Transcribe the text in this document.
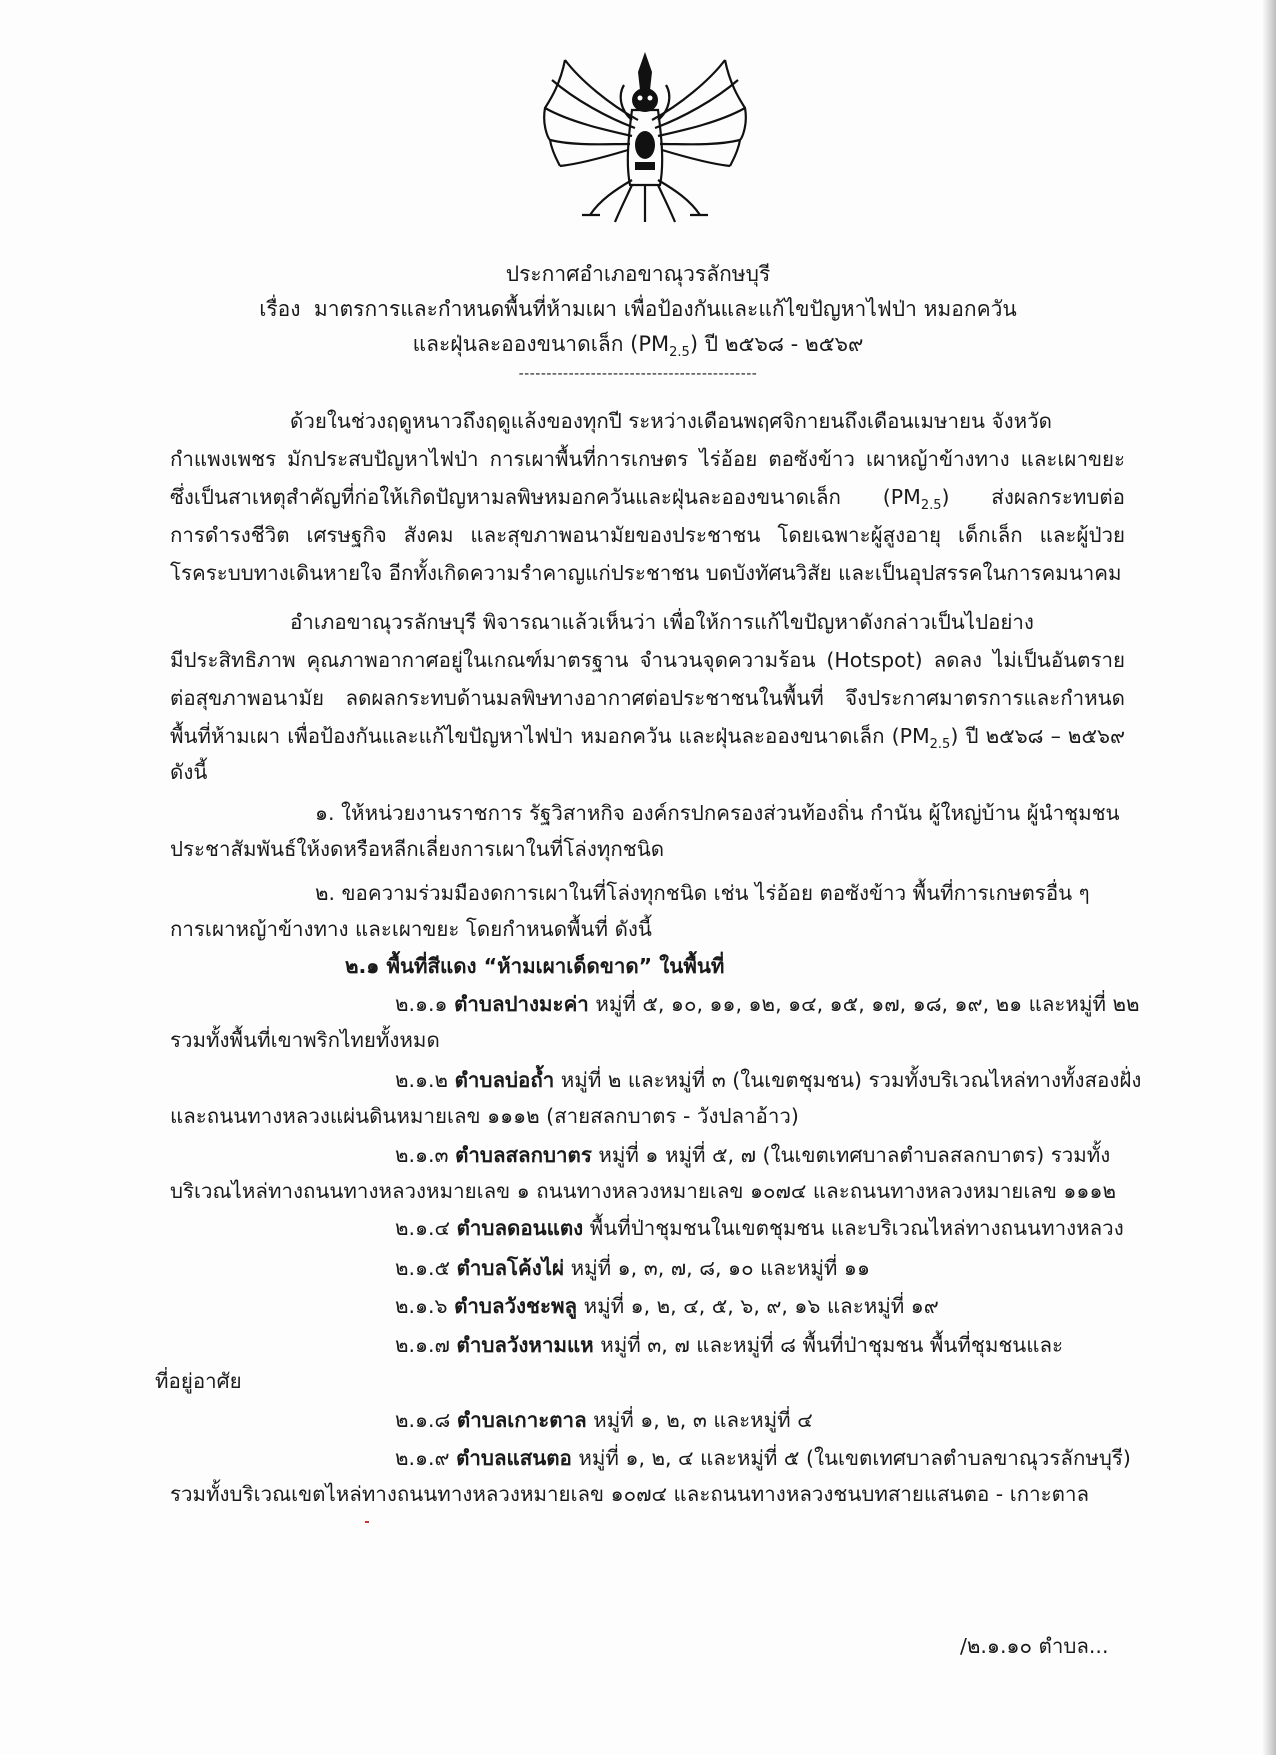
ประกาศอำเภอขาณุวรลักษบุรี
เรื่อง มาตรการและกำหนดพื้นที่ห้ามเผา เพื่อป้องกันและแก้ไขปัญหาไฟป่า หมอกควัน
และฝุ่นละอองขนาดเล็ก $(PM_{2.5})$ ปี ๒๕๖๘ - ๒๕๖๙
-------------------------------------------
ด้วยในช่วงฤดูหนาวถึงฤดูแล้งของทุกปี ระหว่างเดือนพฤศจิกายนถึงเดือนเมษายน จังหวัด
กำแพงเพชร มักประสบปัญหาไฟป่า การเผาพื้นที่การเกษตร ไร่อ้อย ตอซังข้าว เผาหญ้าข้างทาง และเผาขยะ
ซึ่งเป็นสาเหตุสำคัญที่ก่อให้เกิดปัญหามลพิษหมอกควันและฝุ่นละอองขนาดเล็ก $(PM_{2.5})$ ส่งผลกระทบต่อ
การดำรงชีวิต เศรษฐกิจ สังคม และสุขภาพอนามัยของประชาชน โดยเฉพาะผู้สูงอายุ เด็กเล็ก และผู้ป่วย
โรคระบบทางเดินหายใจ อีกทั้งเกิดความรำคาญแก่ประชาชน บดบังทัศนวิสัย และเป็นอุปสรรคในการคมนาคม
อำเภอขาณุวรลักษบุรี พิจารณาแล้วเห็นว่า เพื่อให้การแก้ไขปัญหาดังกล่าวเป็นไปอย่าง
มีประสิทธิภาพ คุณภาพอากาศอยู่ในเกณฑ์มาตรฐาน จำนวนจุดความร้อน (Hotspot) ลดลง ไม่เป็นอันตราย
ต่อสุขภาพอนามัย ลดผลกระทบด้านมลพิษทางอากาศต่อประชาชนในพื้นที่ จึงประกาศมาตรการและกำหนด
พื้นที่ห้ามเผา เพื่อป้องกันและแก้ไขปัญหาไฟป่า หมอกควัน และฝุ่นละอองขนาดเล็ก $(PM_{2.5})$ ปี ๒๕๖๘ – ๒๕๖๙
ดังนี้
๑. ให้หน่วยงานราชการ รัฐวิสาหกิจ องค์กรปกครองส่วนท้องถิ่น กำนัน ผู้ใหญ่บ้าน ผู้นำชุมชน
ประชาสัมพันธ์ให้งดหรือหลีกเลี่ยงการเผาในที่โล่งทุกชนิด
๒. ขอความร่วมมืองดการเผาในที่โล่งทุกชนิด เช่น ไร่อ้อย ตอซังข้าว พื้นที่การเกษตรอื่น ๆ
การเผาหญ้าข้างทาง และเผาขยะ โดยกำหนดพื้นที่ ดังนี้
๒.๑ พื้นที่สีแดง “ห้ามเผาเด็ดขาด” ในพื้นที่
๒.๑.๑ ตำบลปางมะค่า หมู่ที่ ๕, ๑๐, ๑๑, ๑๒, ๑๔, ๑๕, ๑๗, ๑๘, ๑๙, ๒๑ และหมู่ที่ ๒๒
รวมทั้งพื้นที่เขาพริกไทยทั้งหมด
๒.๑.๒ ตำบลบ่อถ้ำ หมู่ที่ ๒ และหมู่ที่ ๓ (ในเขตชุมชน) รวมทั้งบริเวณไหล่ทางทั้งสองฝั่ง
และถนนทางหลวงแผ่นดินหมายเลข ๑๑๑๒ (สายสลกบาตร - วังปลาอ้าว)
๒.๑.๓ ตำบลสลกบาตร หมู่ที่ ๑ หมู่ที่ ๕, ๗ (ในเขตเทศบาลตำบลสลกบาตร) รวมทั้ง
บริเวณไหล่ทางถนนทางหลวงหมายเลข ๑ ถนนทางหลวงหมายเลข ๑๐๗๔ และถนนทางหลวงหมายเลข ๑๑๑๒
๒.๑.๔ ตำบลดอนแตง พื้นที่ป่าชุมชนในเขตชุมชน และบริเวณไหล่ทางถนนทางหลวง
๒.๑.๕ ตำบลโค้งไผ่ หมู่ที่ ๑, ๓, ๗, ๘, ๑๐ และหมู่ที่ ๑๑
๒.๑.๖ ตำบลวังชะพลู หมู่ที่ ๑, ๒, ๔, ๕, ๖, ๙, ๑๖ และหมู่ที่ ๑๙
๒.๑.๗ ตำบลวังหามแห หมู่ที่ ๓, ๗ และหมู่ที่ ๘ พื้นที่ป่าชุมชน พื้นที่ชุมชนและ
ที่อยู่อาศัย
๒.๑.๘ ตำบลเกาะตาล หมู่ที่ ๑, ๒, ๓ และหมู่ที่ ๔
๒.๑.๙ ตำบลแสนตอ หมู่ที่ ๑, ๒, ๔ และหมู่ที่ ๕ (ในเขตเทศบาลตำบลขาณุวรลักษบุรี)
รวมทั้งบริเวณเขตไหล่ทางถนนทางหลวงหมายเลข ๑๐๗๔ และถนนทางหลวงชนบทสายแสนตอ - เกาะตาล
/๒.๑.๑๐ ตำบล...
